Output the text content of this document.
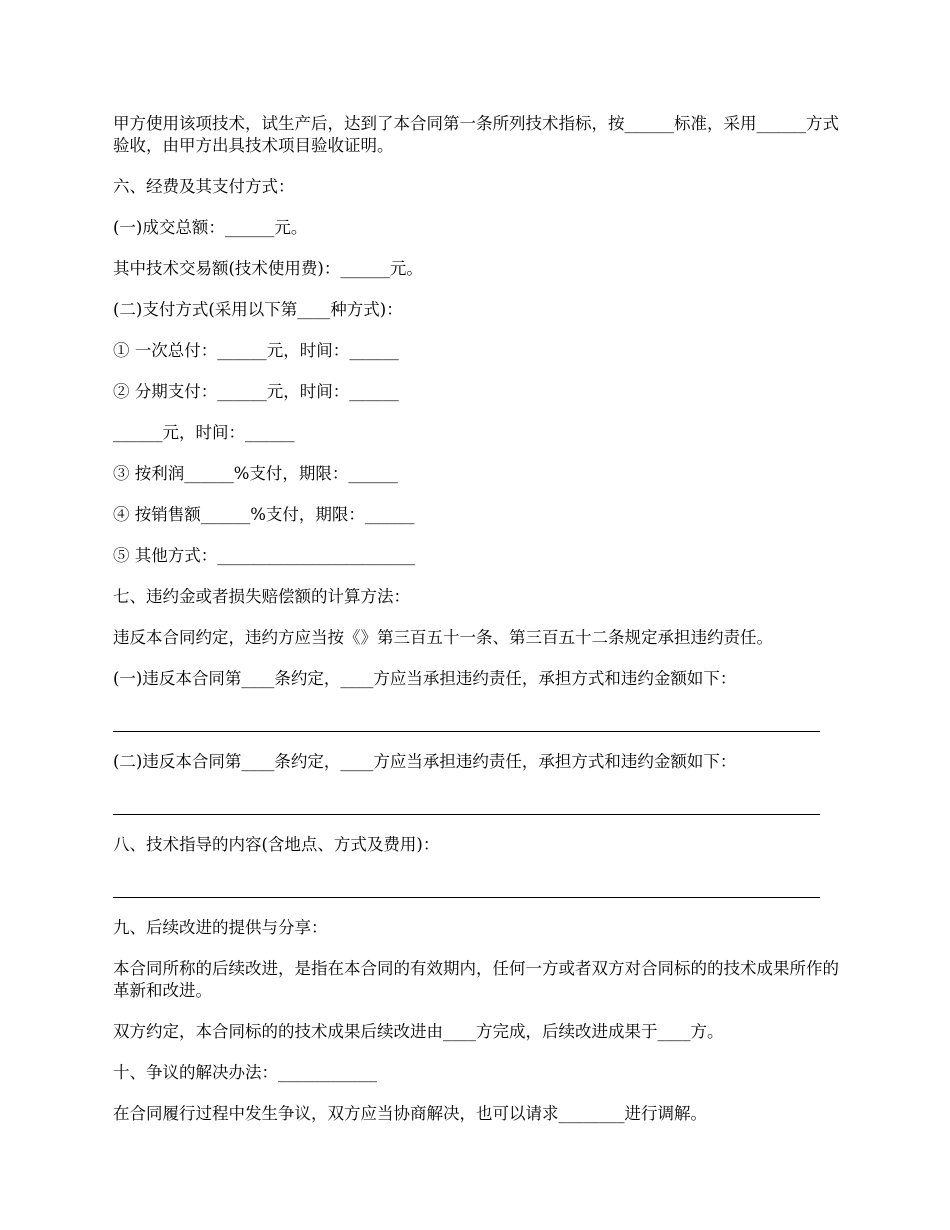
甲方使用该项技术，试生产后，达到了本合同第一条所列技术指标，按______标准，采用______方式验收，由甲方出具技术项目验收证明。

六、经费及其支付方式：

(一)成交总额：______元。

其中技术交易额(技术使用费)：______元。

(二)支付方式(采用以下第____种方式)：

① 一次总付：______元，时间：______

② 分期支付：______元，时间：______

______元，时间：______

③ 按利润______%支付，期限：______

④ 按销售额______%支付，期限：______

⑤ 其他方式：________________________

七、违约金或者损失赔偿额的计算方法：

违反本合同约定，违约方应当按《》第三百五十一条、第三百五十二条规定承担违约责任。

(一)违反本合同第____条约定，____方应当承担违约责任，承担方式和违约金额如下：

(二)违反本合同第____条约定，____方应当承担违约责任，承担方式和违约金额如下：

八、技术指导的内容(含地点、方式及费用)：

九、后续改进的提供与分享：

本合同所称的后续改进，是指在本合同的有效期内，任何一方或者双方对合同标的的技术成果所作的革新和改进。

双方约定，本合同标的的技术成果后续改进由____方完成，后续改进成果于____方。

十、争议的解决办法：____________

在合同履行过程中发生争议，双方应当协商解决，也可以请求________进行调解。
